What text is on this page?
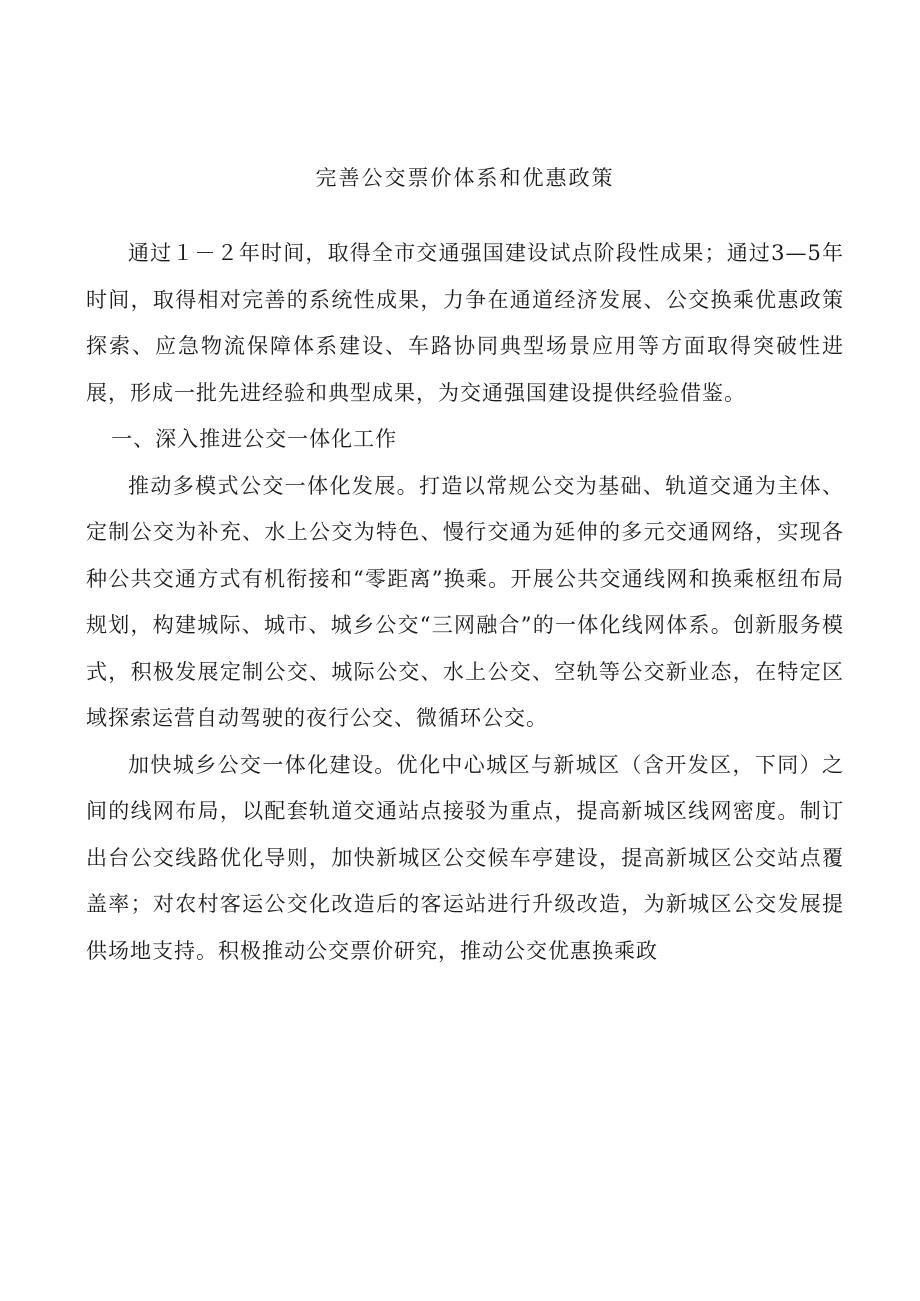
完善公交票价体系和优惠政策

通过１－２年时间，取得全市交通强国建设试点阶段性成果；通过3—5年时间，取得相对完善的系统性成果，力争在通道经济发展、公交换乘优惠政策探索、应急物流保障体系建设、车路协同典型场景应用等方面取得突破性进展，形成一批先进经验和典型成果，为交通强国建设提供经验借鉴。

一、深入推进公交一体化工作

推动多模式公交一体化发展。打造以常规公交为基础、轨道交通为主体、定制公交为补充、水上公交为特色、慢行交通为延伸的多元交通网络，实现各种公共交通方式有机衔接和“零距离”换乘。开展公共交通线网和换乘枢纽布局规划，构建城际、城市、城乡公交“三网融合”的一体化线网体系。创新服务模式，积极发展定制公交、城际公交、水上公交、空轨等公交新业态，在特定区域探索运营自动驾驶的夜行公交、微循环公交。

加快城乡公交一体化建设。优化中心城区与新城区（含开发区，下同）之间的线网布局，以配套轨道交通站点接驳为重点，提高新城区线网密度。制订出台公交线路优化导则，加快新城区公交候车亭建设，提高新城区公交站点覆盖率；对农村客运公交化改造后的客运站进行升级改造，为新城区公交发展提供场地支持。积极推动公交票价研究，推动公交优惠换乘政
